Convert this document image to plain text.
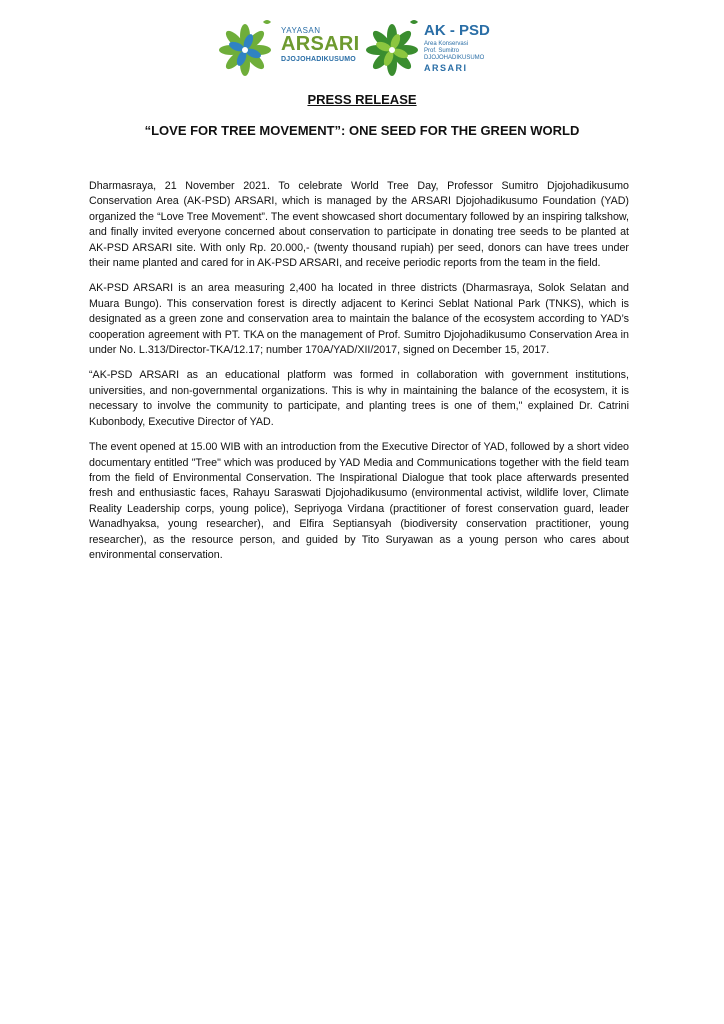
YAYASAN
ARSARI
DJOJOHADIKUSUMO
AK - PSD
Area Konservasi
Prof. Sumitro
DJOJOHADIKUSUMO
ARSARI
PRESS RELEASE
“LOVE FOR TREE MOVEMENT”: ONE SEED FOR THE GREEN WORLD

Dharmasraya, 21 November 2021. To celebrate World Tree Day, Professor Sumitro Djojohadikusumo Conservation Area (AK-PSD) ARSARI, which is managed by the ARSARI Djojohadikusumo Foundation (YAD) organized the “Love Tree Movement”. The event showcased short documentary followed by an inspiring talkshow, and finally invited everyone concerned about conservation to participate in donating tree seeds to be planted at AK-PSD ARSARI site. With only Rp. 20.000,- (twenty thousand rupiah) per seed, donors can have trees under their name planted and cared for in AK-PSD ARSARI, and receive periodic reports from the team in the field.

AK-PSD ARSARI is an area measuring 2,400 ha located in three districts (Dharmasraya, Solok Selatan and Muara Bungo). This conservation forest is directly adjacent to Kerinci Seblat National Park (TNKS), which is designated as a green zone and conservation area to maintain the balance of the ecosystem according to YAD’s cooperation agreement with PT. TKA on the management of Prof. Sumitro Djojohadikusumo Conservation Area in under No. L.313/Director-TKA/12.17; number 170A/YAD/XII/2017, signed on December 15, 2017.

“AK-PSD ARSARI as an educational platform was formed in collaboration with government institutions, universities, and non-governmental organizations. This is why in maintaining the balance of the ecosystem, it is necessary to involve the community to participate, and planting trees is one of them," explained Dr. Catrini Kubonbody, Executive Director of YAD.

The event opened at 15.00 WIB with an introduction from the Executive Director of YAD, followed by a short video documentary entitled "Tree" which was produced by YAD Media and Communications together with the field team from the field of Environmental Conservation. The Inspirational Dialogue that took place afterwards presented fresh and enthusiastic faces, Rahayu Saraswati Djojohadikusumo (environmental activist, wildlife lover, Climate Reality Leadership corps, young police), Sepriyoga Virdana (practitioner of forest conservation guard, leader Wanadhyaksa, young researcher), and Elfira Septiansyah (biodiversity conservation practitioner, young researcher), as the resource person, and guided by Tito Suryawan as a young person who cares about environmental conservation.
